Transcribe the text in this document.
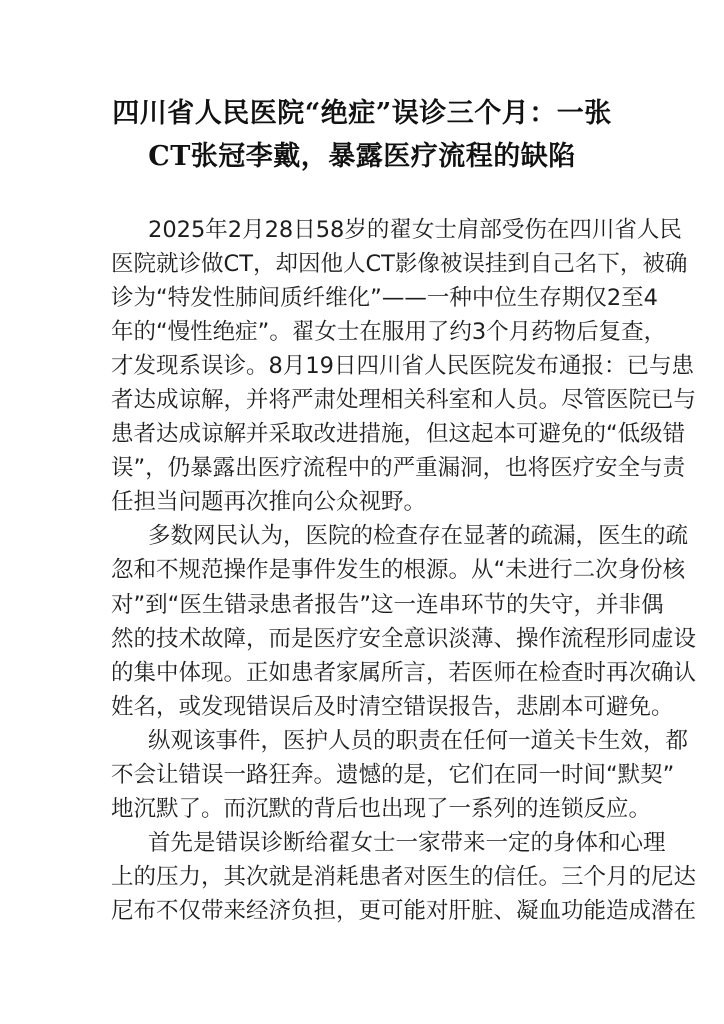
四川省人民医院“绝症”误诊三个月：一张
CT张冠李戴，暴露医疗流程的缺陷
2025年2月28日58岁的翟女士肩部受伤在四川省人民
医院就诊做CT，却因他人CT影像被误挂到自己名下，被确
诊为“特发性肺间质纤维化”——一种中位生存期仅2至4
年的“慢性绝症”。翟女士在服用了约3个月药物后复查，
才发现系误诊。8月19日四川省人民医院发布通报：已与患
者达成谅解，并将严肃处理相关科室和人员。尽管医院已与
患者达成谅解并采取改进措施，但这起本可避免的“低级错
误”，仍暴露出医疗流程中的严重漏洞，也将医疗安全与责
任担当问题再次推向公众视野。
多数网民认为，医院的检查存在显著的疏漏，医生的疏
忽和不规范操作是事件发生的根源。从“未进行二次身份核
对”到“医生错录患者报告”这一连串环节的失守，并非偶
然的技术故障，而是医疗安全意识淡薄、操作流程形同虚设
的集中体现。正如患者家属所言，若医师在检查时再次确认
姓名，或发现错误后及时清空错误报告，悲剧本可避免。
纵观该事件，医护人员的职责在任何一道关卡生效，都
不会让错误一路狂奔。遗憾的是，它们在同一时间“默契”
地沉默了。而沉默的背后也出现了一系列的连锁反应。
首先是错误诊断给翟女士一家带来一定的身体和心理
上的压力，其次就是消耗患者对医生的信任。三个月的尼达
尼布不仅带来经济负担，更可能对肝脏、凝血功能造成潜在
